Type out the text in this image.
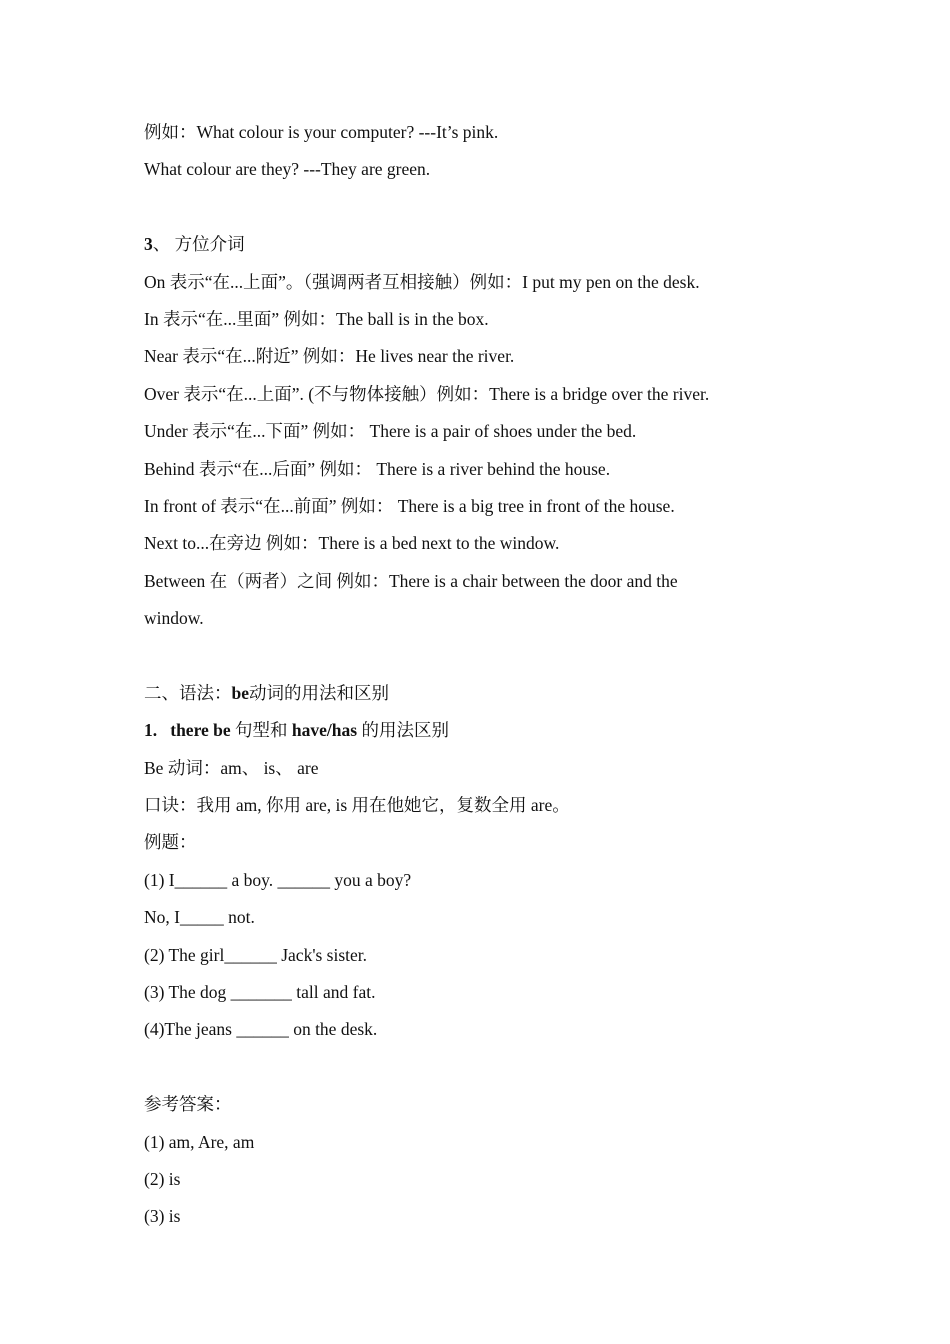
例如：What colour is your computer? ---It’s pink.
What colour are they? ---They are green.
3、 方位介词
On 表示“在...上面”。（强调两者互相接触）例如：I put my pen on the desk.
In 表示“在...里面” 例如：The ball is in the box.
Near 表示“在...附近” 例如：He lives near the river.
Over 表示“在...上面”. (不与物体接触）例如：There is a bridge over the river.
Under 表示“在...下面” 例如： There is a pair of shoes under the bed.
Behind 表示“在...后面” 例如： There is a river behind the house.
In front of 表示“在...前面” 例如： There is a big tree in front of the house.
Next to...在旁边 例如：There is a bed next to the window.
Between 在（两者）之间 例如：There is a chair between the door and the
window.
二、语法：be动词的用法和区别
1. there be 句型和 have/has 的用法区别
Be 动词：am、 is、 are
口诀：我用 am, 你用 are, is 用在他她它，复数全用 are。
例题：
(1) I______ a boy. ______ you a boy?
No, I_____ not.
(2) The girl______ Jack's sister.
(3) The dog _______ tall and fat.
(4)The jeans ______ on the desk.
参考答案：
(1) am, Are, am
(2) is
(3) is
